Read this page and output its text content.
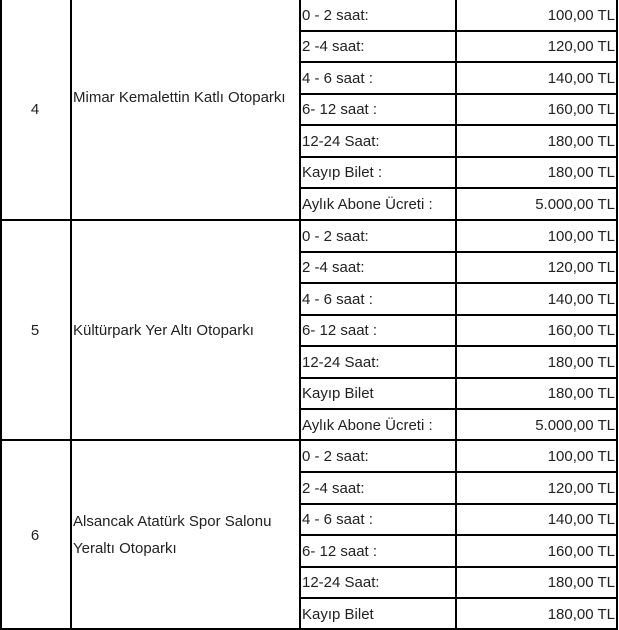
4
Mimar Kemalettin Katlı Otoparkı
0 - 2 saat:	100,00 TL
2 -4 saat:	120,00 TL
4 - 6 saat :	140,00 TL
6- 12 saat :	160,00 TL
12-24 Saat:	180,00 TL
Kayıp Bilet :	180,00 TL
Aylık Abone Ücreti :	5.000,00 TL
5	Kültürpark Yer Altı Otoparkı
0 - 2 saat:	100,00 TL
2 -4 saat:	120,00 TL
4 - 6 saat :	140,00 TL
6- 12 saat :	160,00 TL
12-24 Saat:	180,00 TL
Kayıp Bilet	180,00 TL
Aylık Abone Ücreti :	5.000,00 TL
6
Alsancak Atatürk Spor Salonu Yeraltı Otoparkı
0 - 2 saat:	100,00 TL
2 -4 saat:	120,00 TL
4 - 6 saat :	140,00 TL
6- 12 saat :	160,00 TL
12-24 Saat:	180,00 TL
Kayıp Bilet	180,00 TL
